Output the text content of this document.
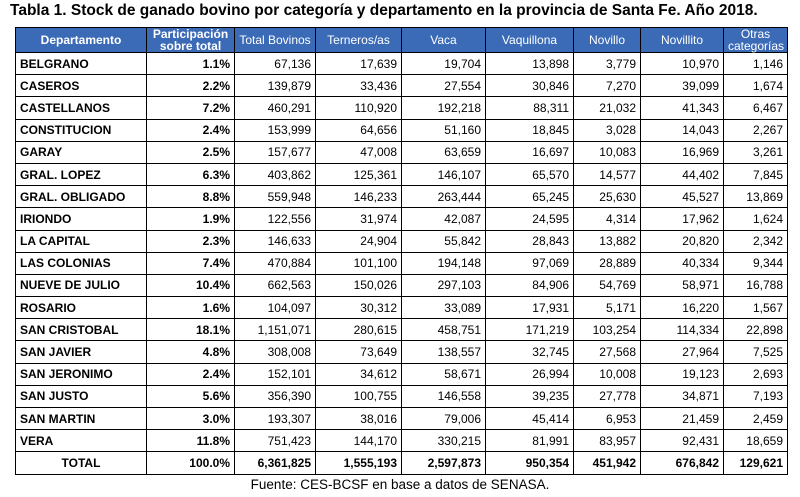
Tabla 1. Stock de ganado bovino por categoría y departamento en la provincia de Santa Fe. Año 2018.
Departamento	Participación sobre total	Total Bovinos	Terneros/as	Vaca	Vaquillona	Novillo	Novillito	Otras categorías
BELGRANO	1.1%	67,136	17,639	19,704	13,898	3,779	10,970	1,146
CASEROS	2.2%	139,879	33,436	27,554	30,846	7,270	39,099	1,674
CASTELLANOS	7.2%	460,291	110,920	192,218	88,311	21,032	41,343	6,467
CONSTITUCION	2.4%	153,999	64,656	51,160	18,845	3,028	14,043	2,267
GARAY	2.5%	157,677	47,008	63,659	16,697	10,083	16,969	3,261
GRAL. LOPEZ	6.3%	403,862	125,361	146,107	65,570	14,577	44,402	7,845
GRAL. OBLIGADO	8.8%	559,948	146,233	263,444	65,245	25,630	45,527	13,869
IRIONDO	1.9%	122,556	31,974	42,087	24,595	4,314	17,962	1,624
LA CAPITAL	2.3%	146,633	24,904	55,842	28,843	13,882	20,820	2,342
LAS COLONIAS	7.4%	470,884	101,100	194,148	97,069	28,889	40,334	9,344
NUEVE DE JULIO	10.4%	662,563	150,026	297,103	84,906	54,769	58,971	16,788
ROSARIO	1.6%	104,097	30,312	33,089	17,931	5,171	16,220	1,567
SAN CRISTOBAL	18.1%	1,151,071	280,615	458,751	171,219	103,254	114,334	22,898
SAN JAVIER	4.8%	308,008	73,649	138,557	32,745	27,568	27,964	7,525
SAN JERONIMO	2.4%	152,101	34,612	58,671	26,994	10,008	19,123	2,693
SAN JUSTO	5.6%	356,390	100,755	146,558	39,235	27,778	34,871	7,193
SAN MARTIN	3.0%	193,307	38,016	79,006	45,414	6,953	21,459	2,459
VERA	11.8%	751,423	144,170	330,215	81,991	83,957	92,431	18,659
TOTAL	100.0%	6,361,825	1,555,193	2,597,873	950,354	451,942	676,842	129,621
Fuente: CES-BCSF en base a datos de SENASA.
